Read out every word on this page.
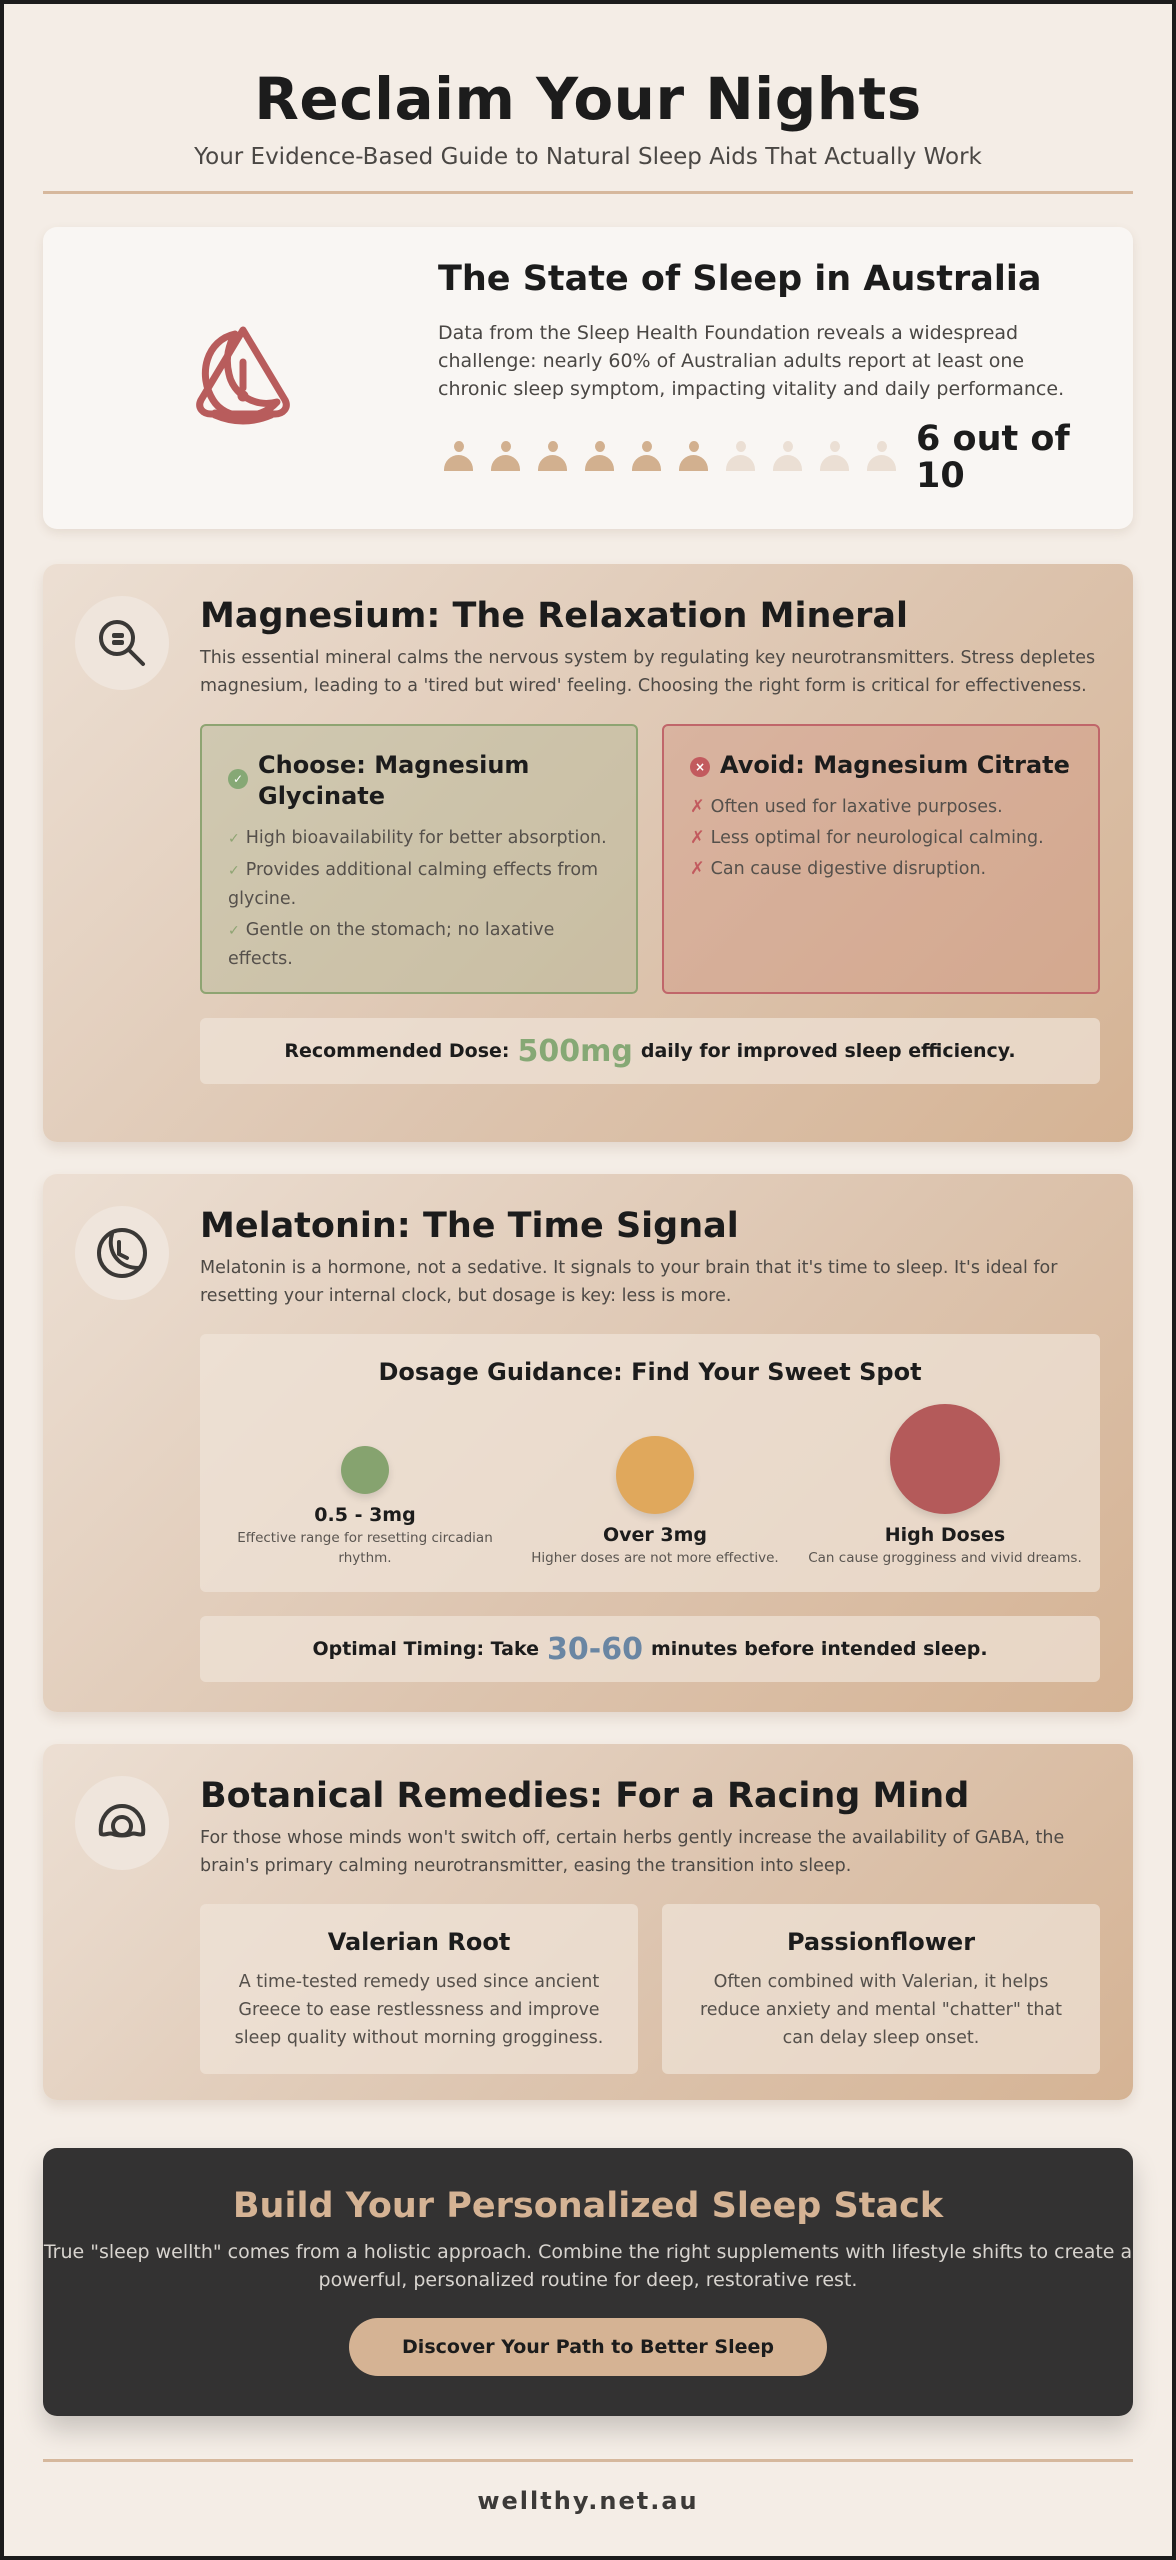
Reclaim Your Nights

Your Evidence-Based Guide to Natural Sleep Aids That Actually Work

The State of Sleep in Australia

Data from the Sleep Health Foundation reveals a widespread challenge: nearly 60% of Australian adults report at least one chronic sleep symptom, impacting vitality and daily performance.

6 out of 10
Magnesium: The Relaxation Mineral

This essential mineral calms the nervous system by regulating key neurotransmitters. Stress depletes magnesium, leading to a 'tired but wired' feeling. Choosing the right form is critical for effectiveness.

✓ Choose: Magnesium Glycinate
✓ High bioavailability for better absorption.
✓ Provides additional calming effects from glycine.
✓ Gentle on the stomach; no laxative effects.
× Avoid: Magnesium Citrate
✗ Often used for laxative purposes.
✗ Less optimal for neurological calming.
✗ Can cause digestive disruption.
Recommended Dose: 500mg daily for improved sleep efficiency.
Melatonin: The Time Signal

Melatonin is a hormone, not a sedative. It signals to your brain that it's time to sleep. It's ideal for resetting your internal clock, but dosage is key: less is more.

Dosage Guidance: Find Your Sweet Spot
0.5 - 3mg
Effective range for resetting circadian rhythm.
Over 3mg
Higher doses are not more effective.
High Doses
Can cause grogginess and vivid dreams.
Optimal Timing: Take 30-60 minutes before intended sleep.
Botanical Remedies: For a Racing Mind

For those whose minds won't switch off, certain herbs gently increase the availability of GABA, the brain's primary calming neurotransmitter, easing the transition into sleep.

Valerian Root

A time-tested remedy used since ancient Greece to ease restlessness and improve sleep quality without morning grogginess.

Passionflower

Often combined with Valerian, it helps reduce anxiety and mental "chatter" that can delay sleep onset.

Build Your Personalized Sleep Stack

True "sleep wellth" comes from a holistic approach. Combine the right supplements with lifestyle shifts to create a powerful, personalized routine for deep, restorative rest.

Discover Your Path to Better Sleep
wellthy.net.au
